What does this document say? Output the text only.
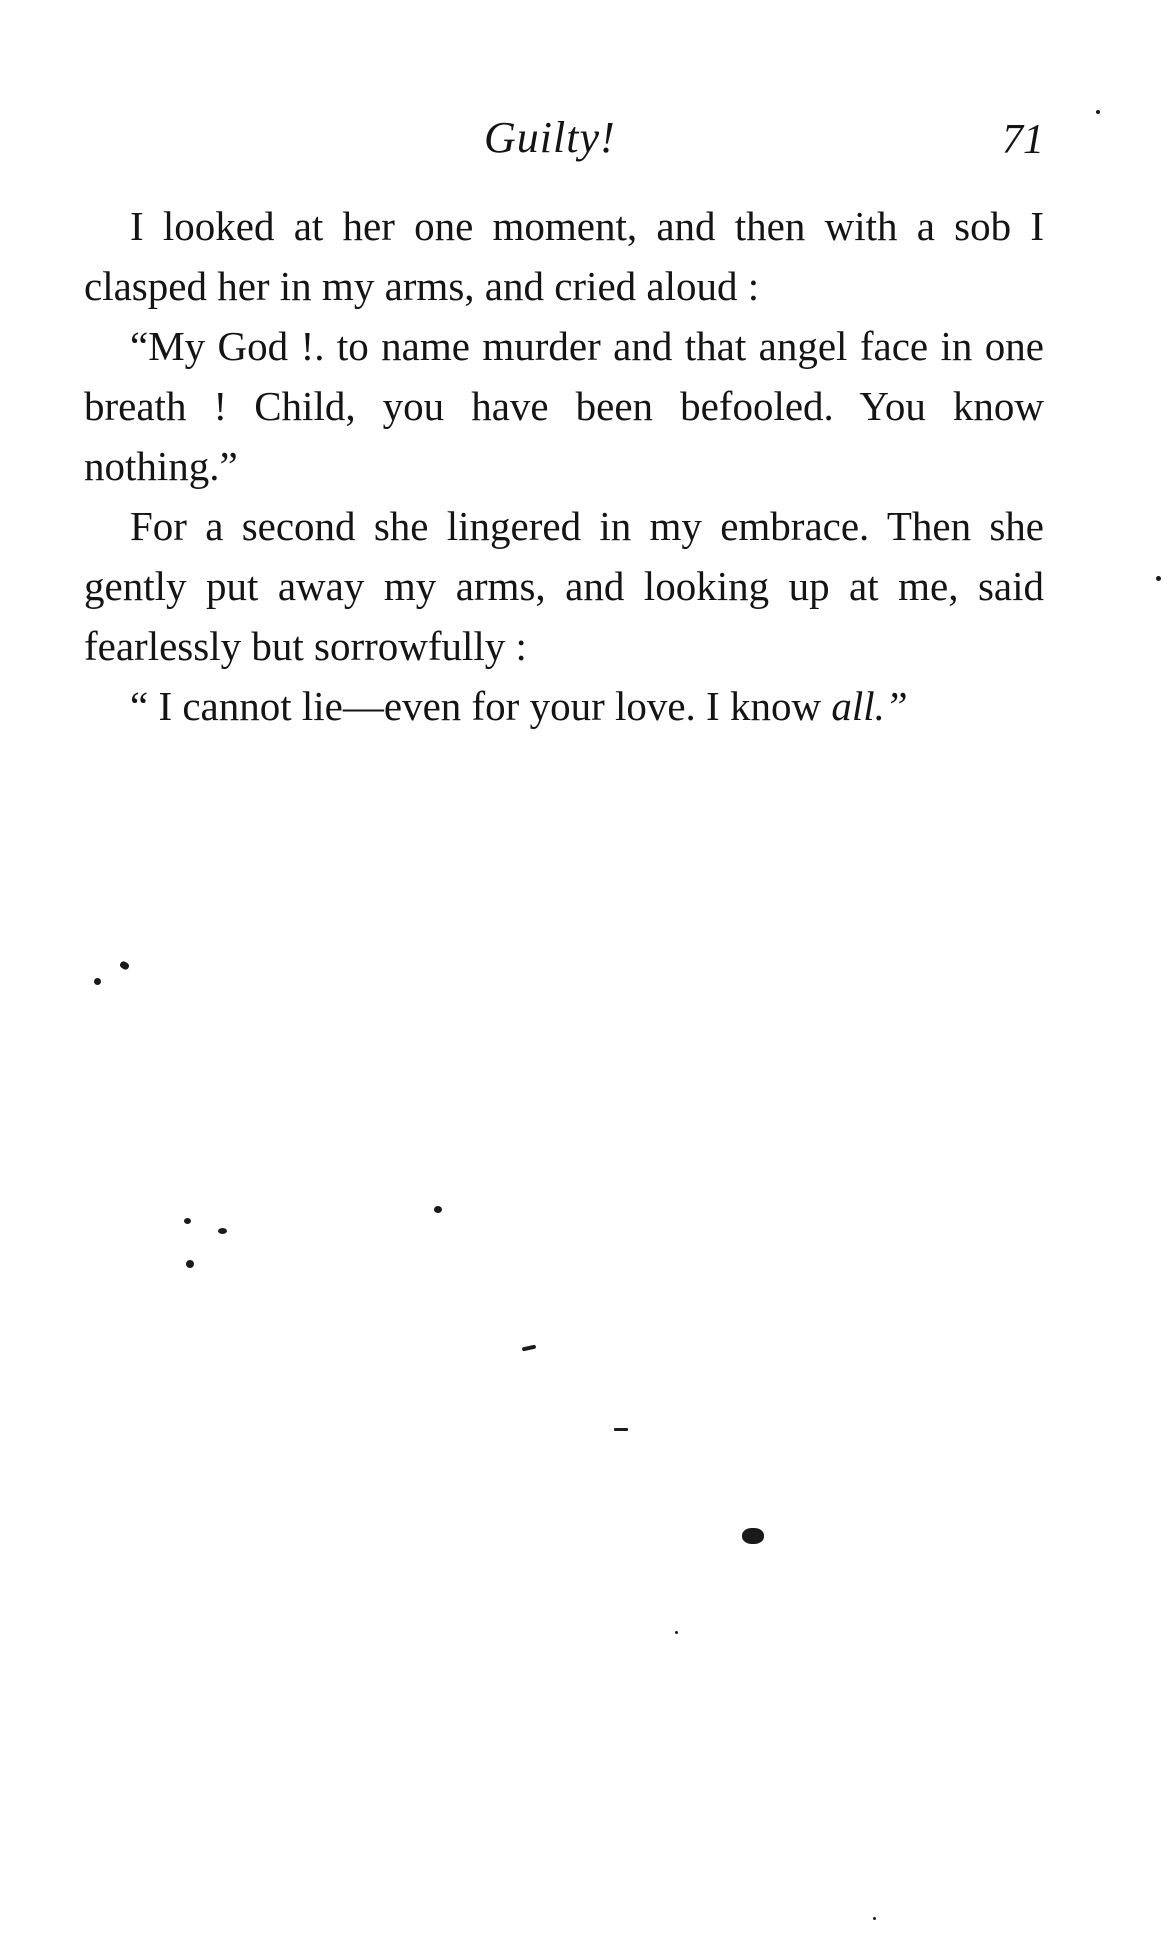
Guilty!	71

I looked at her one moment, and then with a sob I clasped her in my arms, and cried aloud :

“My God !. to name murder and that angel face in one breath ! Child, you have been befooled. You know nothing.”

For a second she lingered in my embrace. Then she gently put away my arms, and looking up at me, said fearlessly but sorrowfully :

“ I cannot lie—even for your love. I know all.”
